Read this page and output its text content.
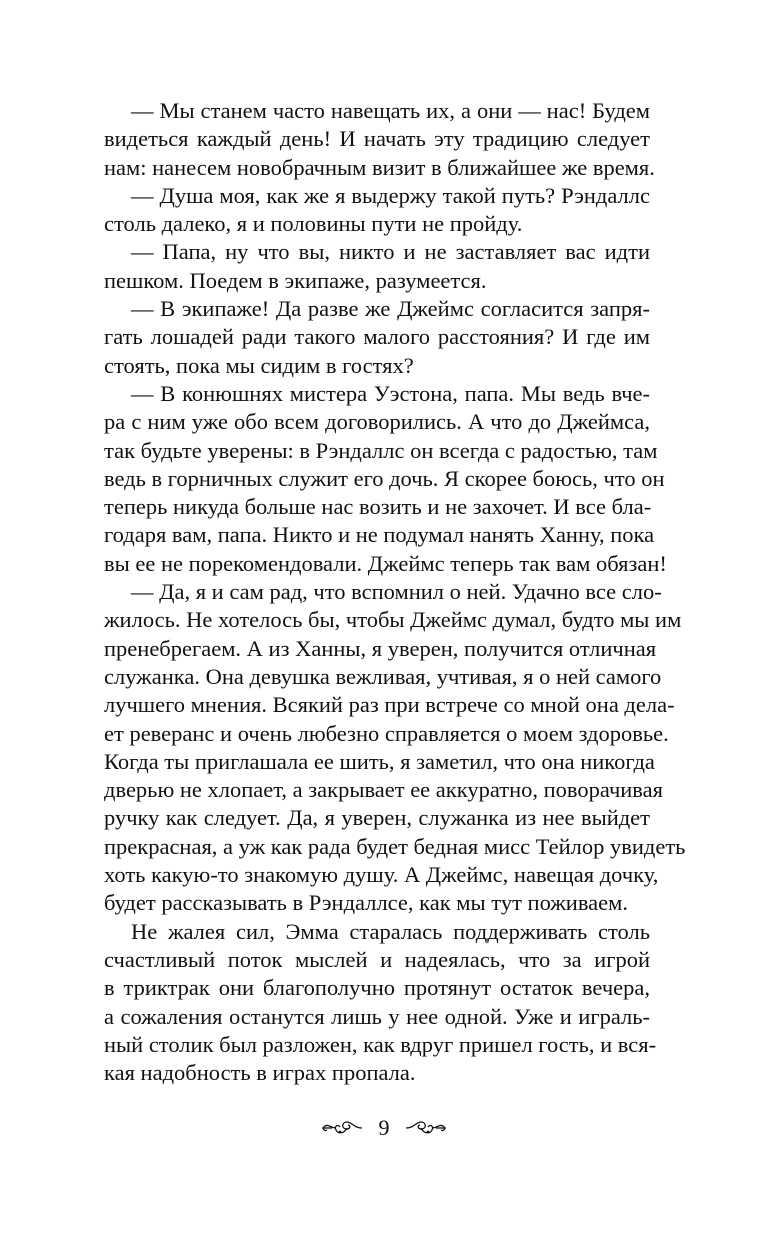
— Мы станем часто навещать их, а они — нас! Будем
видеться каждый день! И начать эту традицию следует
нам: нанесем новобрачным визит в ближайшее же время.
— Душа моя, как же я выдержу такой путь? Рэндаллс
столь далеко, я и половины пути не пройду.
— Папа, ну что вы, никто и не заставляет вас идти
пешком. Поедем в экипаже, разумеется.
— В экипаже! Да разве же Джеймс согласится запря-
гать лошадей ради такого малого расстояния? И где им
стоять, пока мы сидим в гостях?
— В конюшнях мистера Уэстона, папа. Мы ведь вче-
ра с ним уже обо всем договорились. А что до Джеймса,
так будьте уверены: в Рэндаллс он всегда с радостью, там
ведь в горничных служит его дочь. Я скорее боюсь, что он
теперь никуда больше нас возить и не захочет. И все бла-
годаря вам, папа. Никто и не подумал нанять Ханну, пока
вы ее не порекомендовали. Джеймс теперь так вам обязан!
— Да, я и сам рад, что вспомнил о ней. Удачно все сло-
жилось. Не хотелось бы, чтобы Джеймс думал, будто мы им
пренебрегаем. А из Ханны, я уверен, получится отличная
служанка. Она девушка вежливая, учтивая, я о ней самого
лучшего мнения. Всякий раз при встрече со мной она дела-
ет реверанс и очень любезно справляется о моем здоровье.
Когда ты приглашала ее шить, я заметил, что она никогда
дверью не хлопает, а закрывает ее аккуратно, поворачивая
ручку как следует. Да, я уверен, служанка из нее выйдет
прекрасная, а уж как рада будет бедная мисс Тейлор увидеть
хоть какую-то знакомую душу. А Джеймс, навещая дочку,
будет рассказывать в Рэндаллсе, как мы тут поживаем.
Не жалея сил, Эмма старалась поддерживать столь
счастливый поток мыслей и надеялась, что за игрой
в триктрак они благополучно протянут остаток вечера,
а сожаления останутся лишь у нее одной. Уже и играль-
ный столик был разложен, как вдруг пришел гость, и вся-
кая надобность в играх пропала.
9
